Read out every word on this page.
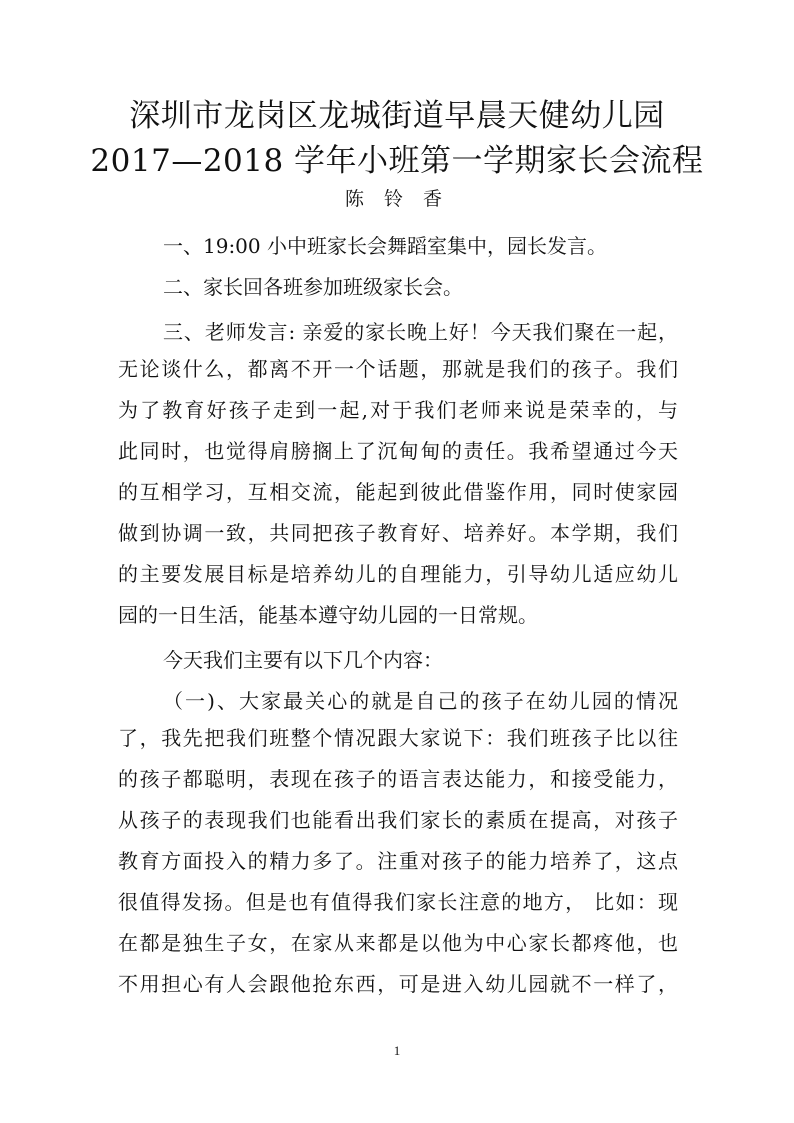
深圳市龙岗区龙城街道早晨天健幼儿园
2017—2018 学年小班第一学期家长会流程
陈 铃 香
一、19:00 小中班家长会舞蹈室集中，园长发言。
二、家长回各班参加班级家长会。
三、老师发言: 亲爱的家长晚上好！今天我们聚在一起，
无论谈什么，都离不开一个话题，那就是我们的孩子。我们
为了教育好孩子走到一起,对于我们老师来说是荣幸的，与
此同时，也觉得肩膀搁上了沉甸甸的责任。我希望通过今天
的互相学习，互相交流，能起到彼此借鉴作用，同时使家园
做到协调一致，共同把孩子教育好、培养好。本学期，我们
的主要发展目标是培养幼儿的自理能力，引导幼儿适应幼儿
园的一日生活，能基本遵守幼儿园的一日常规。
今天我们主要有以下几个内容：
（一)、大家最关心的就是自己的孩子在幼儿园的情况
了，我先把我们班整个情况跟大家说下：我们班孩子比以往
的孩子都聪明，表现在孩子的语言表达能力，和接受能力，
从孩子的表现我们也能看出我们家长的素质在提高，对孩子
教育方面投入的精力多了。注重对孩子的能力培养了，这点
很值得发扬。但是也有值得我们家长注意的地方， 比如：现
在都是独生子女，在家从来都是以他为中心家长都疼他，也
不用担心有人会跟他抢东西，可是进入幼儿园就不一样了，
1
